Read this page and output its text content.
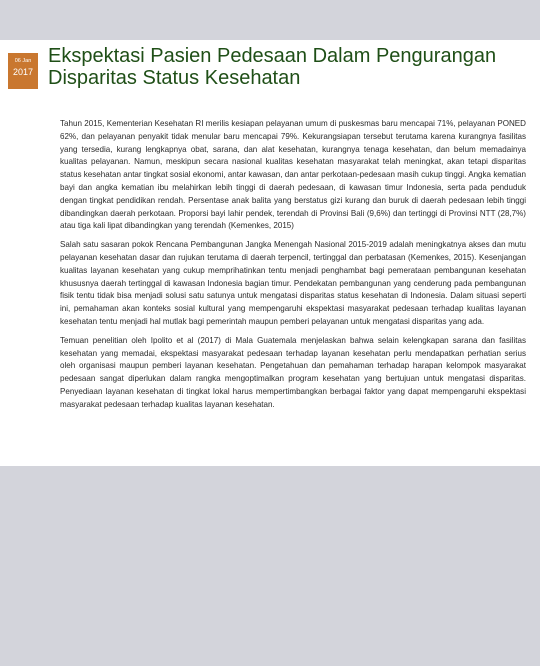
06 Jan
2017
Ekspektasi Pasien Pedesaan Dalam Pengurangan Disparitas Status Kesehatan

Tahun 2015, Kementerian Kesehatan RI merilis kesiapan pelayanan umum di puskesmas baru mencapai 71%, pelayanan PONED 62%, dan pelayanan penyakit tidak menular baru mencapai 79%. Kekurangsiapan tersebut terutama karena kurangnya fasilitas yang tersedia, kurang lengkapnya obat, sarana, dan alat kesehatan, kurangnya tenaga kesehatan, dan belum memadainya kualitas pelayanan. Namun, meskipun secara nasional kualitas kesehatan masyarakat telah meningkat, akan tetapi disparitas status kesehatan antar tingkat sosial ekonomi, antar kawasan, dan antar perkotaan-pedesaan masih cukup tinggi. Angka kematian bayi dan angka kematian ibu melahirkan lebih tinggi di daerah pedesaan, di kawasan timur Indonesia, serta pada penduduk dengan tingkat pendidikan rendah. Persentase anak balita yang berstatus gizi kurang dan buruk di daerah pedesaan lebih tinggi dibandingkan daerah perkotaan. Proporsi bayi lahir pendek, terendah di Provinsi Bali (9,6%) dan tertinggi di Provinsi NTT (28,7%) atau tiga kali lipat dibandingkan yang terendah (Kemenkes, 2015)

Salah satu sasaran pokok Rencana Pembangunan Jangka Menengah Nasional 2015-2019 adalah meningkatnya akses dan mutu pelayanan kesehatan dasar dan rujukan terutama di daerah terpencil, tertinggal dan perbatasan (Kemenkes, 2015). Kesenjangan kualitas layanan kesehatan yang cukup memprihatinkan tentu menjadi penghambat bagi pemerataan pembangunan kesehatan khususnya daerah tertinggal di kawasan Indonesia bagian timur. Pendekatan pembangunan yang cenderung pada pembangunan fisik tentu tidak bisa menjadi solusi satu satunya untuk mengatasi disparitas status kesehatan di Indonesia. Dalam situasi seperti ini, pemahaman akan konteks sosial kultural yang mempengaruhi ekspektasi masyarakat pedesaan terhadap kualitas layanan kesehatan tentu menjadi hal mutlak bagi pemerintah maupun pemberi pelayanan untuk mengatasi disparitas yang ada.

Temuan penelitian oleh Ipolito et al (2017) di Mala Guatemala menjelaskan bahwa selain kelengkapan sarana dan fasilitas kesehatan yang memadai, ekspektasi masyarakat pedesaan terhadap layanan kesehatan perlu mendapatkan perhatian serius oleh organisasi maupun pemberi layanan kesehatan. Pengetahuan dan pemahaman terhadap harapan kelompok masyarakat pedesaan sangat diperlukan dalam rangka mengoptimalkan program kesehatan yang bertujuan untuk mengatasi disparitas. Penyediaan layanan kesehatan di tingkat lokal harus mempertimbangkan berbagai faktor yang dapat mempengaruhi ekspektasi masyarakat pedesaan terhadap kualitas layanan kesehatan.
